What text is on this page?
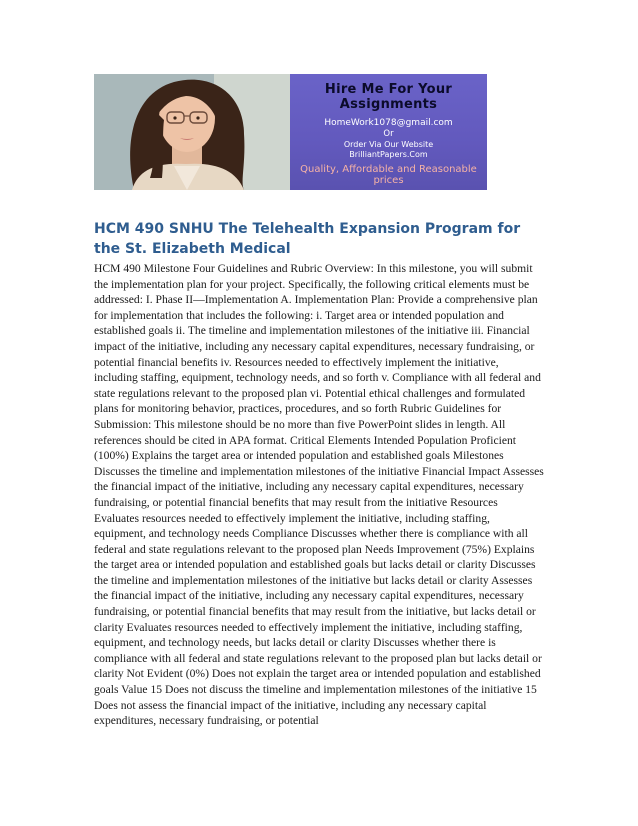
Hire Me For Your Assignments
HomeWork1078@gmail.com
Or
Order Via Our Website
BrilliantPapers.Com
Quality, Affordable and Reasonable prices
HCM 490 SNHU The Telehealth Expansion Program for the St. Elizabeth Medical

HCM 490 Milestone Four Guidelines and Rubric Overview: In this milestone, you will submit the implementation plan for your project. Specifically, the following critical elements must be addressed: I. Phase II—Implementation A. Implementation Plan: Provide a comprehensive plan for implementation that includes the following: i. Target area or intended population and established goals ii. The timeline and implementation milestones of the initiative iii. Financial impact of the initiative, including any necessary capital expenditures, necessary fundraising, or potential financial benefits iv. Resources needed to effectively implement the initiative, including staffing, equipment, technology needs, and so forth v. Compliance with all federal and state regulations relevant to the proposed plan vi. Potential ethical challenges and formulated plans for monitoring behavior, practices, procedures, and so forth Rubric Guidelines for Submission: This milestone should be no more than five PowerPoint slides in length. All references should be cited in APA format. Critical Elements Intended Population Proficient (100%) Explains the target area or intended population and established goals Milestones Discusses the timeline and implementation milestones of the initiative Financial Impact Assesses the financial impact of the initiative, including any necessary capital expenditures, necessary fundraising, or potential financial benefits that may result from the initiative Resources Evaluates resources needed to effectively implement the initiative, including staffing, equipment, and technology needs Compliance Discusses whether there is compliance with all federal and state regulations relevant to the proposed plan Needs Improvement (75%) Explains the target area or intended population and established goals but lacks detail or clarity Discusses the timeline and implementation milestones of the initiative but lacks detail or clarity Assesses the financial impact of the initiative, including any necessary capital expenditures, necessary fundraising, or potential financial benefits that may result from the initiative, but lacks detail or clarity Evaluates resources needed to effectively implement the initiative, including staffing, equipment, and technology needs, but lacks detail or clarity Discusses whether there is compliance with all federal and state regulations relevant to the proposed plan but lacks detail or clarity Not Evident (0%) Does not explain the target area or intended population and established goals Value 15 Does not discuss the timeline and implementation milestones of the initiative 15 Does not assess the financial impact of the initiative, including any necessary capital expenditures, necessary fundraising, or potential
